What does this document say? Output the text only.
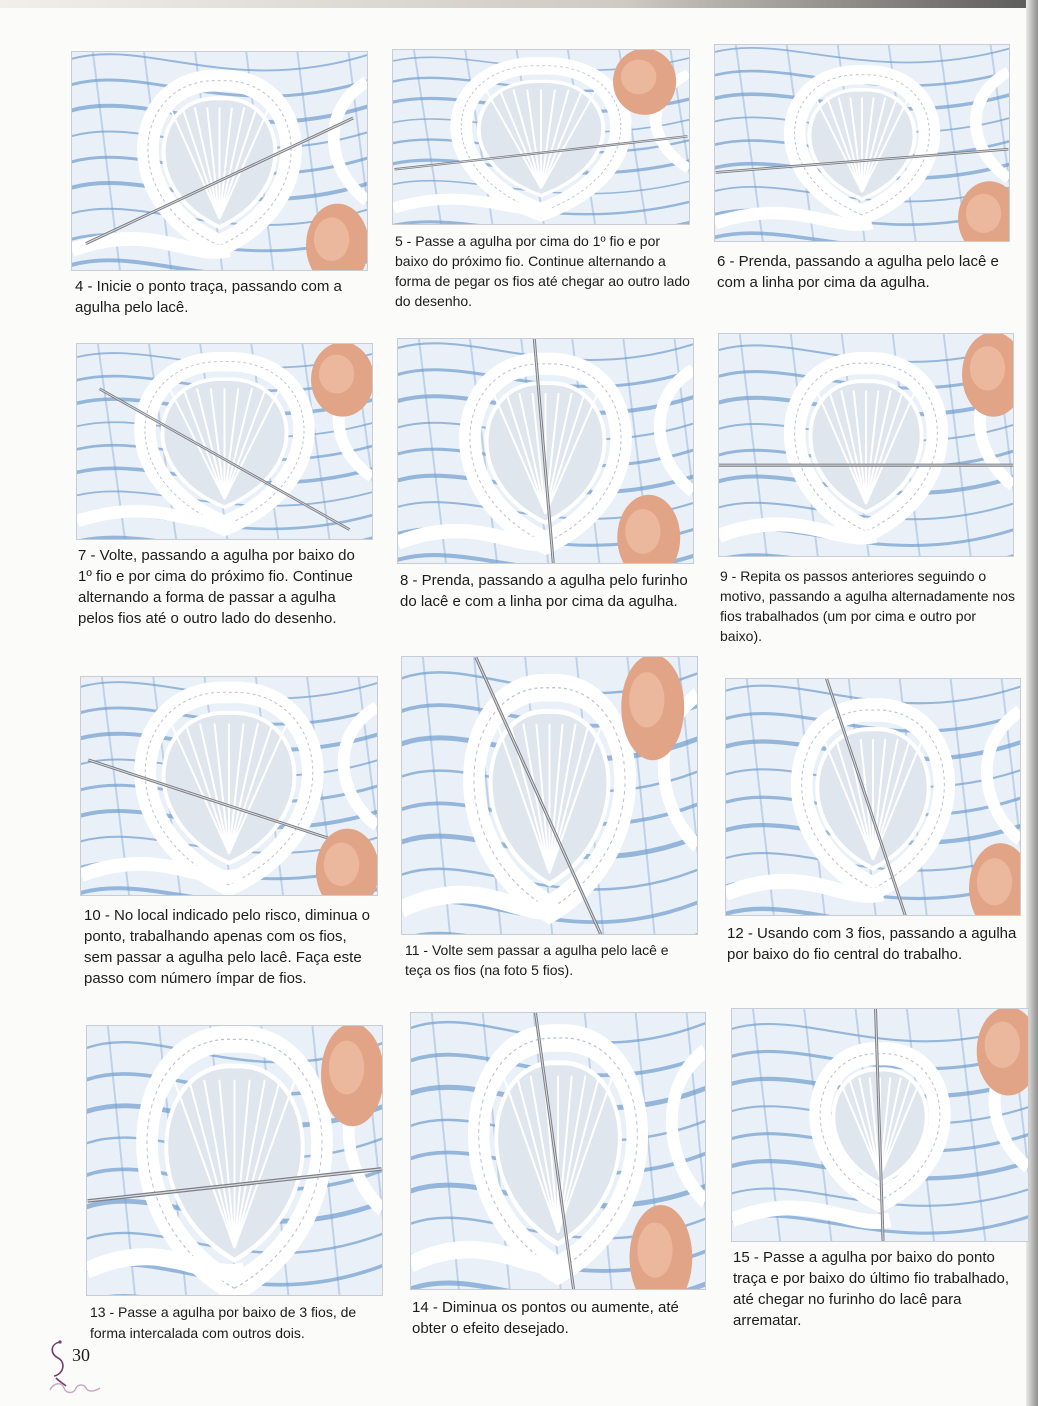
4 - Inicie o ponto traça, passando com a agulha pelo lacê.

5 - Passe a agulha por cima do 1º fio e por baixo do próximo fio. Continue alternando a forma de pegar os fios até chegar ao outro lado do desenho.

6 - Prenda, passando a agulha pelo lacê e com a linha por cima da agulha.

7 - Volte, passando a agulha por baixo do 1º fio e por cima do próximo fio. Continue alternando a forma de passar a agulha pelos fios até o outro lado do desenho.

8 - Prenda, passando a agulha pelo furinho do lacê e com a linha por cima da agulha.

9 - Repita os passos anteriores seguindo o motivo, passando a agulha alternadamente nos fios trabalhados (um por cima e outro por baixo).

10 - No local indicado pelo risco, diminua o ponto, trabalhando apenas com os fios, sem passar a agulha pelo lacê. Faça este passo com número ímpar de fios.

11 - Volte sem passar a agulha pelo lacê e teça os fios (na foto 5 fios).

12 - Usando com 3 fios, passando a agulha por baixo do fio central do trabalho.

13 - Passe a agulha por baixo de 3 fios, de forma intercalada com outros dois.

14 - Diminua os pontos ou aumente, até obter o efeito desejado.

15 - Passe a agulha por baixo do ponto traça e por baixo do último fio trabalhado, até chegar no furinho do lacê para arrematar.

30
